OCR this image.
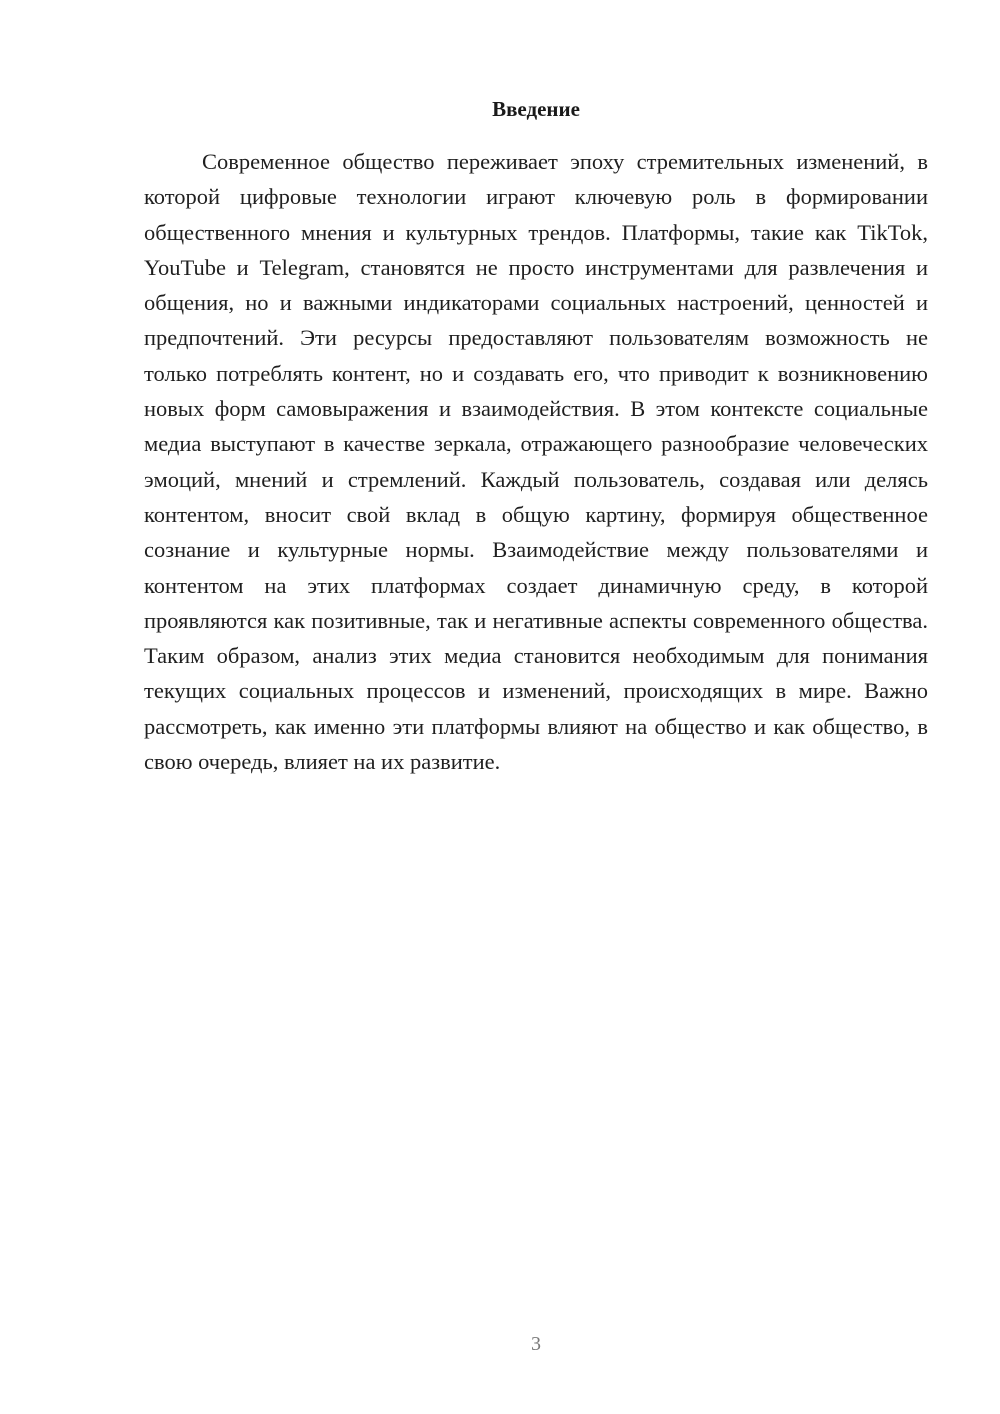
Введение

Современное общество переживает эпоху стремительных изменений, в которой цифровые технологии играют ключевую роль в формировании общественного мнения и культурных трендов. Платформы, такие как TikTok, YouTube и Telegram, становятся не просто инструментами для развлечения и общения, но и важными индикаторами социальных настроений, ценностей и предпочтений. Эти ресурсы предоставляют пользователям возможность не только потреблять контент, но и создавать его, что приводит к возникновению новых форм самовыражения и взаимодействия. В этом контексте социальные медиа выступают в качестве зеркала, отражающего разнообразие человеческих эмоций, мнений и стремлений. Каждый пользователь, создавая или делясь контентом, вносит свой вклад в общую картину, формируя общественное сознание и культурные нормы. Взаимодействие между пользователями и контентом на этих платформах создает динамичную среду, в которой проявляются как позитивные, так и негативные аспекты современного общества. Таким образом, анализ этих медиа становится необходимым для понимания текущих социальных процессов и изменений, происходящих в мире. Важно рассмотреть, как именно эти платформы влияют на общество и как общество, в свою очередь, влияет на их развитие.

3
